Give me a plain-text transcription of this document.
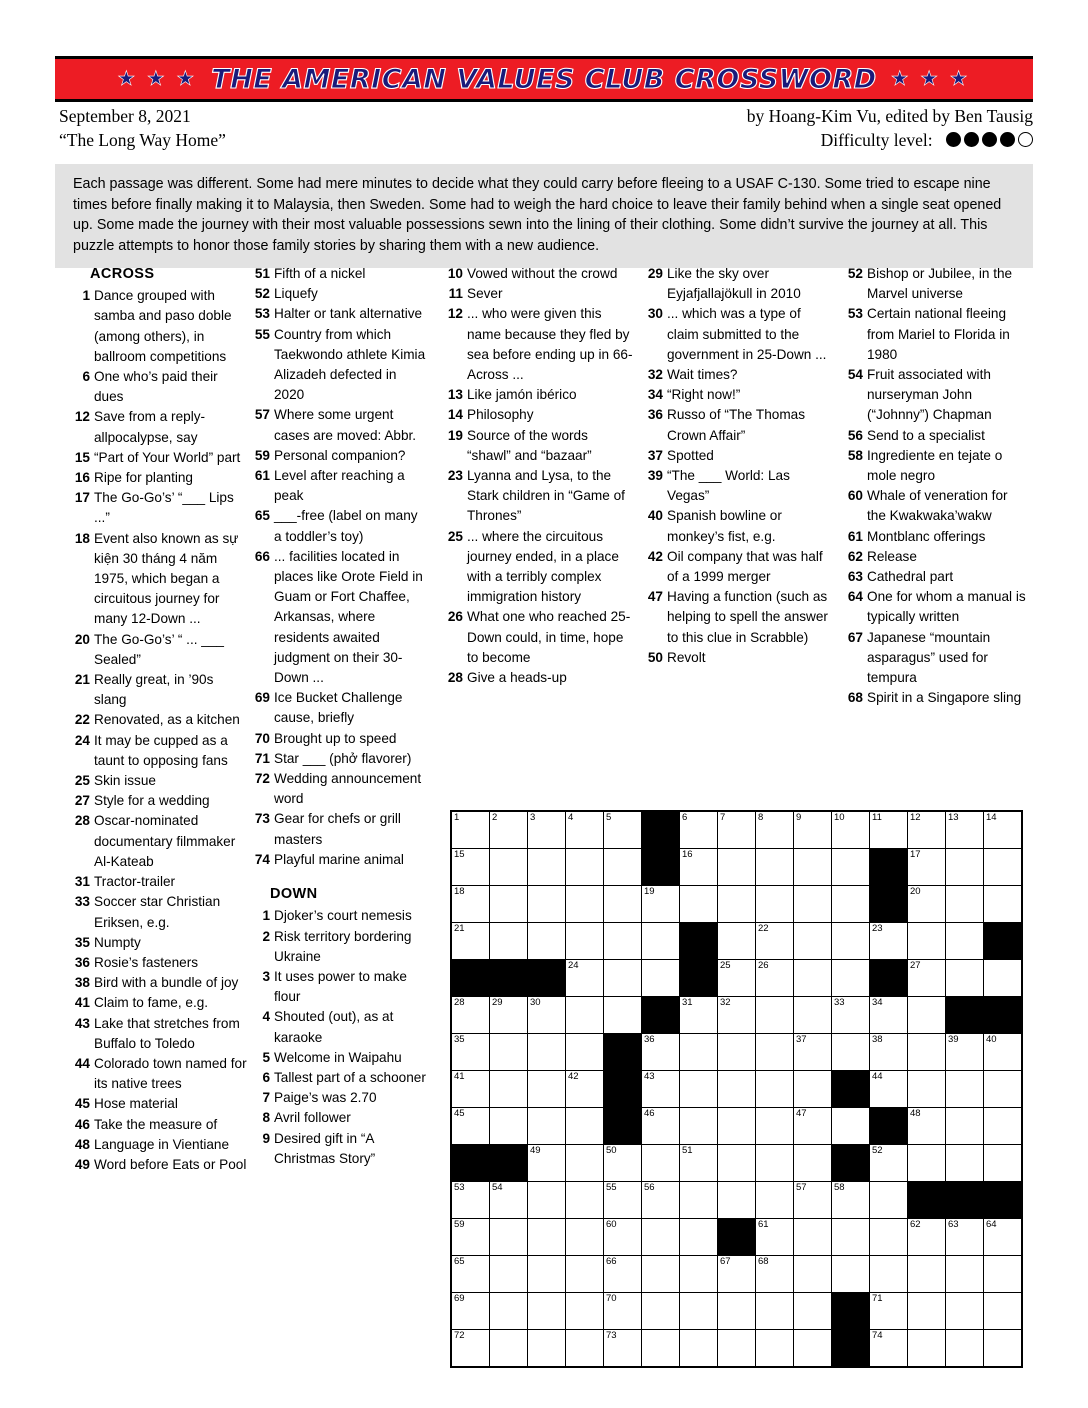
★ ★ ★ THE AMERICAN VALUES CLUB CROSSWORD ★ ★ ★
September 8, 2021
“The Long Way Home”
by Hoang-Kim Vu, edited by Ben Tausig
Difficulty level:
Each passage was different. Some had mere minutes to decide what they could carry before fleeing to a USAF C-130. Some tried to escape nine times before finally making it to Malaysia, then Sweden. Some had to weigh the hard choice to leave their family behind when a single seat opened up. Some made the journey with their most valuable possessions sewn into the lining of their clothing. Some didn’t survive the journey at all. This puzzle attempts to honor those family stories by sharing them with a new audience.
ACROSS
1 Dance grouped with samba and paso doble (among others), in ballroom competitions
6 One who’s paid their dues
12 Save from a reply-allpocalypse, say
15 “Part of Your World” part
16 Ripe for planting
17 The Go-Go’s’ “___ Lips ...”
18 Event also known as sự kiện 30 tháng 4 năm 1975, which began a circuitous journey for many 12-Down ...
20 The Go-Go’s’ “ ... ___ Sealed”
21 Really great, in ’90s slang
22 Renovated, as a kitchen
24 It may be cupped as a taunt to opposing fans
25 Skin issue
27 Style for a wedding
28 Oscar-nominated documentary filmmaker Al-Kateab
31 Tractor-trailer
33 Soccer star Christian Eriksen, e.g.
35 Numpty
36 Rosie’s fasteners
38 Bird with a bundle of joy
41 Claim to fame, e.g.
43 Lake that stretches from Buffalo to Toledo
44 Colorado town named for its native trees
45 Hose material
46 Take the measure of
48 Language in Vientiane
49 Word before Eats or Pool
51 Fifth of a nickel
52 Liquefy
53 Halter or tank alternative
55 Country from which Taekwondo athlete Kimia Alizadeh defected in 2020
57 Where some urgent cases are moved: Abbr.
59 Personal companion?
61 Level after reaching a peak
65 ___-free (label on many a toddler’s toy)
66 ... facilities located in places like Orote Field in Guam or Fort Chaffee, Arkansas, where residents awaited judgment on their 30-Down ...
69 Ice Bucket Challenge cause, briefly
70 Brought up to speed
71 Star ___ (phở flavorer)
72 Wedding announcement word
73 Gear for chefs or grill masters
74 Playful marine animal
DOWN
1 Djoker’s court nemesis
2 Risk territory bordering Ukraine
3 It uses power to make flour
4 Shouted (out), as at karaoke
5 Welcome in Waipahu
6 Tallest part of a schooner
7 Paige’s was 2.70
8 Avril follower
9 Desired gift in “A Christmas Story”
10 Vowed without the crowd
11 Sever
12 ... who were given this name because they fled by sea before ending up in 66-Across ...
13 Like jamón ibérico
14 Philosophy
19 Source of the words “shawl” and “bazaar”
23 Lyanna and Lysa, to the Stark children in “Game of Thrones”
25 ... where the circuitous journey ended, in a place with a terribly complex immigration history
26 What one who reached 25-Down could, in time, hope to become
28 Give a heads-up
29 Like the sky over Eyjafjallajökull in 2010
30 ... which was a type of claim submitted to the government in 25-Down ...
32 Wait times?
34 “Right now!”
36 Russo of “The Thomas Crown Affair”
37 Spotted
39 “The ___ World: Las Vegas”
40 Spanish bowline or monkey’s fist, e.g.
42 Oil company that was half of a 1999 merger
47 Having a function (such as helping to spell the answer to this clue in Scrabble)
50 Revolt
52 Bishop or Jubilee, in the Marvel universe
53 Certain national fleeing from Mariel to Florida in 1980
54 Fruit associated with nurseryman John (“Johnny”) Chapman
56 Send to a specialist
58 Ingrediente en tejate o mole negro
60 Whale of veneration for the Kwakwaka’wakw
61 Montblanc offerings
62 Release
63 Cathedral part
64 One for whom a manual is typically written
67 Japanese “mountain asparagus” used for tempura
68 Spirit in a Singapore sling
1	2	3	4	5		6	7	8	9	10	11	12	13	14

15						16						17		

18					19							20		

21								22			23			

			24				25	26				27		

28	29	30				31	32			33	34			

35					36				37		38		39	40

41			42		43						44			

45					46				47			48		

		49		50		51					52			

53	54			55	56				57	58				

59				60				61				62	63	64

65				66			67	68						

69				70							71			

72				73							74			
